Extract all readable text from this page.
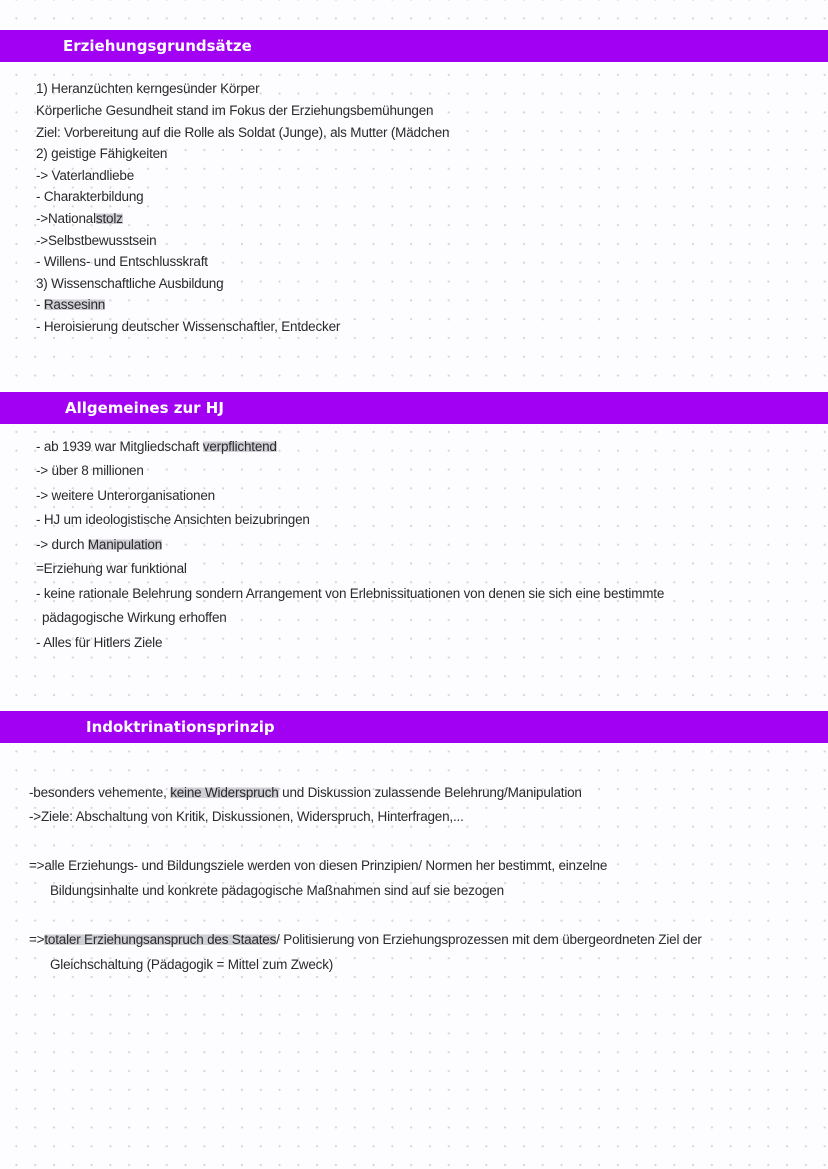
Erziehungsgrundsätze
1) Heranzüchten kerngesünder Körper
Körperliche Gesundheit stand im Fokus der Erziehungsbemühungen
Ziel: Vorbereitung auf die Rolle als Soldat (Junge), als Mutter (Mädchen
2) geistige Fähigkeiten
-> Vaterlandliebe
- Charakterbildung
->Nationalstolz
->Selbstbewusstsein
- Willens- und Entschlusskraft
3) Wissenschaftliche Ausbildung
- Rassesinn
- Heroisierung deutscher Wissenschaftler, Entdecker
Allgemeines zur HJ
- ab 1939 war Mitgliedschaft verpflichtend
-> über 8 millionen
-> weitere Unterorganisationen
- HJ um ideologistische Ansichten beizubringen
-> durch Manipulation
=Erziehung war funktional
- keine rationale Belehrung sondern Arrangement von Erlebnissituationen von denen sie sich eine bestimmte
pädagogische Wirkung erhoffen
- Alles für Hitlers Ziele
Indoktrinationsprinzip
-besonders vehemente, keine Widerspruch und Diskussion zulassende Belehrung/Manipulation
->Ziele: Abschaltung von Kritik, Diskussionen, Widerspruch, Hinterfragen,...
=>alle Erziehungs- und Bildungsziele werden von diesen Prinzipien/ Normen her bestimmt, einzelne
Bildungsinhalte und konkrete pädagogische Maßnahmen sind auf sie bezogen
=>totaler Erziehungsanspruch des Staates/ Politisierung von Erziehungsprozessen mit dem übergeordneten Ziel der
Gleichschaltung (Pädagogik = Mittel zum Zweck)
